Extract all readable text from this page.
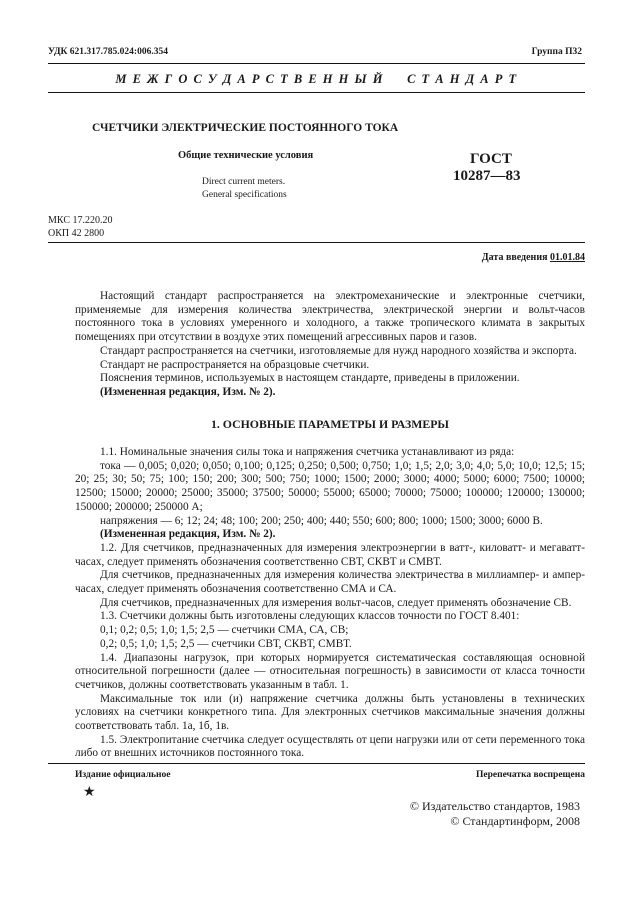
УДК 621.317.785.024:006.354	Группа П32
М Е Ж Г О С У Д А Р С Т В Е Н Н Ы Й     С Т А Н Д А Р Т
СЧЕТЧИКИ ЭЛЕКТРИЧЕСКИЕ ПОСТОЯННОГО ТОКА
Общие технические условия
Direct current meters.
General specifications
ГОСТ
10287—83
МКС 17.220.20
ОКП 42 2800
Дата введения 01.01.84

Настоящий стандарт распространяется на электромеханические и электронные счетчики, применяемые для измерения количества электричества, электрической энергии и вольт-часов постоянного тока в условиях умеренного и холодного, а также тропического климата в закрытых помещениях при отсутствии в воздухе этих помещений агрессивных паров и газов.

Стандарт распространяется на счетчики, изготовляемые для нужд народного хозяйства и экспорта.

Стандарт не распространяется на образцовые счетчики.

Пояснения терминов, используемых в настоящем стандарте, приведены в приложении.

(Измененная редакция, Изм. № 2).

1. ОСНОВНЫЕ ПАРАМЕТРЫ И РАЗМЕРЫ

1.1. Номинальные значения силы тока и напряжения счетчика устанавливают из ряда:

тока — 0,005; 0,020; 0,050; 0,100; 0,125; 0,250; 0,500; 0,750; 1,0; 1,5; 2,0; 3,0; 4,0; 5,0; 10,0; 12,5; 15; 20; 25; 30; 50; 75; 100; 150; 200; 300; 500; 750; 1000; 1500; 2000; 3000; 4000; 5000; 6000; 7500; 10000; 12500; 15000; 20000; 25000; 35000; 37500; 50000; 55000; 65000; 70000; 75000; 100000; 120000; 130000; 150000; 200000; 250000 А;

напряжения — 6; 12; 24; 48; 100; 200; 250; 400; 440; 550; 600; 800; 1000; 1500; 3000; 6000 В.

(Измененная редакция, Изм. № 2).

1.2. Для счетчиков, предназначенных для измерения электроэнергии в ватт-, киловатт- и мегаватт-часах, следует применять обозначения соответственно СВТ, СКВТ и СМВТ.

Для счетчиков, предназначенных для измерения количества электричества в миллиампер- и ампер-часах, следует применять обозначения соответственно СМА и СА.

Для счетчиков, предназначенных для измерения вольт-часов, следует применять обозначение СВ.

1.3. Счетчики должны быть изготовлены следующих классов точности по ГОСТ 8.401:

0,1; 0,2; 0,5; 1,0; 1,5; 2,5 — счетчики СМА, СА, СВ;

0,2; 0,5; 1,0; 1,5; 2,5 — счетчики СВТ, СКВТ, СМВТ.

1.4. Диапазоны нагрузок, при которых нормируется систематическая составляющая основной относительной погрешности (далее — относительная погрешность) в зависимости от класса точности счетчиков, должны соответствовать указанным в табл. 1.

Максимальные ток или (и) напряжение счетчика должны быть установлены в технических условиях на счетчики конкретного типа. Для электронных счетчиков максимальные значения должны соответствовать табл. 1а, 1б, 1в.

1.5. Электропитание счетчика следует осуществлять от цепи нагрузки или от сети переменного тока либо от внешних источников постоянного тока.

Издание официальное	Перепечатка воспрещена
★
© Издательство стандартов, 1983
© Стандартинформ, 2008
